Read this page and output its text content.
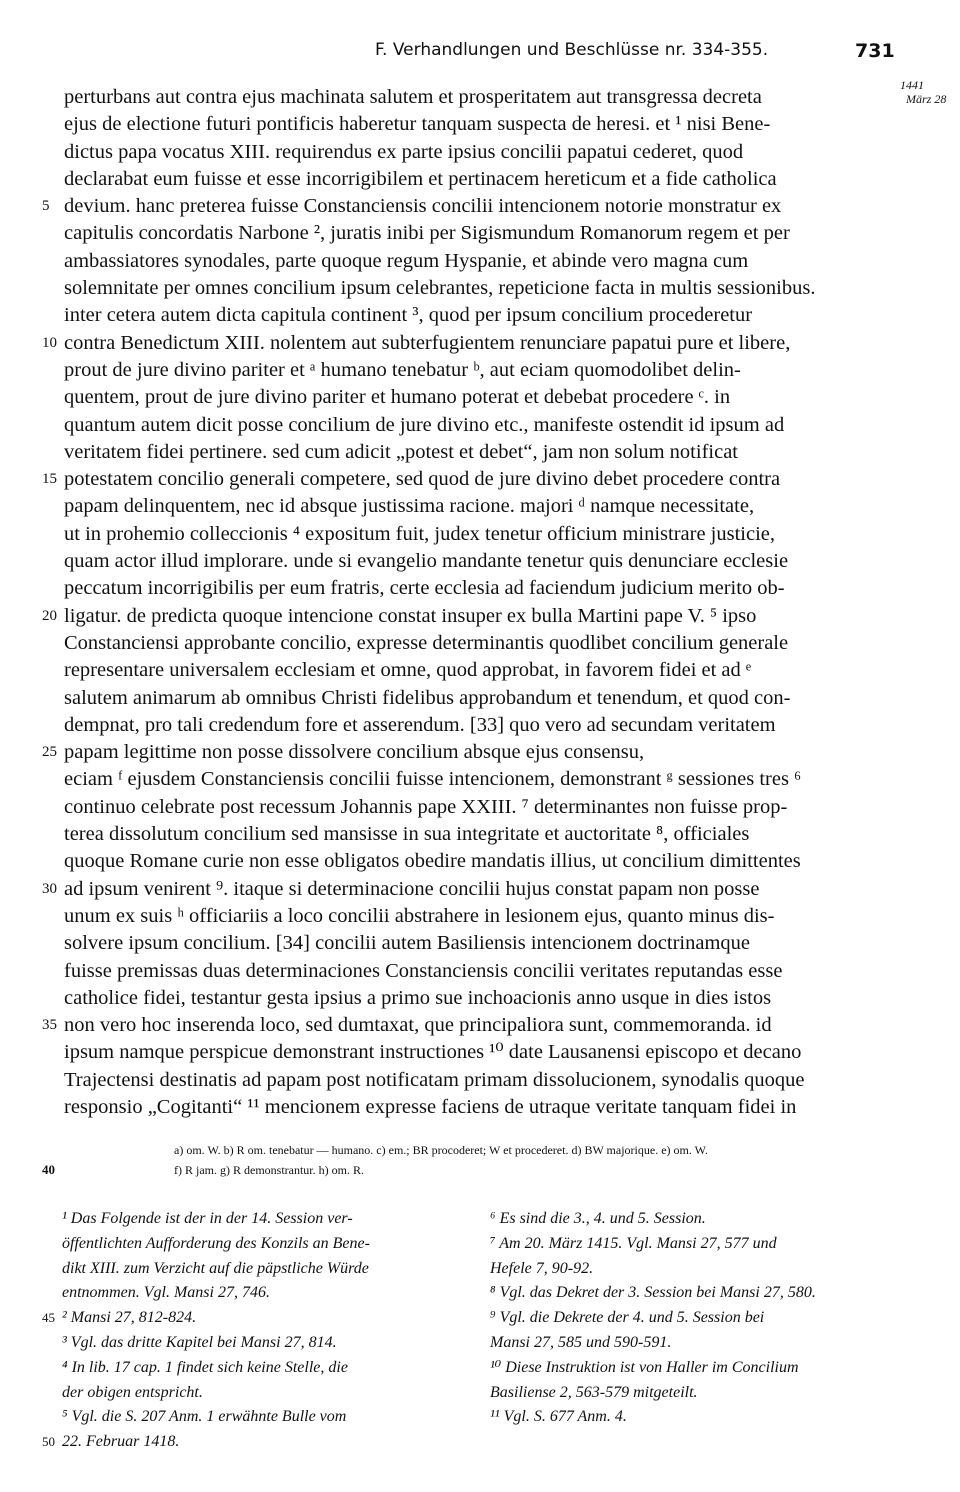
F. Verhandlungen und Beschlüsse nr. 334-355.	731
1441
März 28
perturbans aut contra ejus machinata salutem et prosperitatem aut transgressa decreta
ejus de electione futuri pontificis haberetur tanquam suspecta de heresi. et ¹ nisi Bene-
dictus papa vocatus XIII. requirendus ex parte ipsius concilii papatui cederet, quod
declarabat eum fuisse et esse incorrigibilem et pertinacem hereticum et a fide catholica
5 devium. hanc preterea fuisse Constanciensis concilii intencionem notorie monstratur ex
capitulis concordatis Narbone ², juratis inibi per Sigismundum Romanorum regem et per
ambassiatores synodales, parte quoque regum Hyspanie, et abinde vero magna cum
solemnitate per omnes concilium ipsum celebrantes, repeticione facta in multis sessionibus.
inter cetera autem dicta capitula continent ³, quod per ipsum concilium procederetur
10 contra Benedictum XIII. nolentem aut subterfugientem renunciare papatui pure et libere,
prout de jure divino pariter et ᵃ humano tenebatur ᵇ, aut eciam quomodolibet delin-
quentem, prout de jure divino pariter et humano poterat et debebat procedere ᶜ. in
quantum autem dicit posse concilium de jure divino etc., manifeste ostendit id ipsum ad
veritatem fidei pertinere. sed cum adicit „potest et debet“, jam non solum notificat
15 potestatem concilio generali competere, sed quod de jure divino debet procedere contra
papam delinquentem, nec id absque justissima racione. majori ᵈ namque necessitate,
ut in prohemio colleccionis ⁴ expositum fuit, judex tenetur officium ministrare justicie,
quam actor illud implorare. unde si evangelio mandante tenetur quis denunciare ecclesie
peccatum incorrigibilis per eum fratris, certe ecclesia ad faciendum judicium merito ob-
20 ligatur. de predicta quoque intencione constat insuper ex bulla Martini pape V. ⁵ ipso
Constanciensi approbante concilio, expresse determinantis quodlibet concilium generale
representare universalem ecclesiam et omne, quod approbat, in favorem fidei et ad ᵉ
salutem animarum ab omnibus Christi fidelibus approbandum et tenendum, et quod con-
dempnat, pro tali credendum fore et asserendum. [33] quo vero ad secundam veritatem
25 papam legittime non posse dissolvere concilium absque ejus consensu,
eciam ᶠ ejusdem Constanciensis concilii fuisse intencionem, demonstrant ᵍ sessiones tres ⁶
continuo celebrate post recessum Johannis pape XXIII. ⁷ determinantes non fuisse prop-
terea dissolutum concilium sed mansisse in sua integritate et auctoritate ⁸, officiales
quoque Romane curie non esse obligatos obedire mandatis illius, ut concilium dimittentes
30 ad ipsum venirent ⁹. itaque si determinacione concilii hujus constat papam non posse
unum ex suis ʰ officiariis a loco concilii abstrahere in lesionem ejus, quanto minus dis-
solvere ipsum concilium. [34] concilii autem Basiliensis intencionem doctrinamque
fuisse premissas duas determinaciones Constanciensis concilii veritates reputandas esse
catholice fidei, testantur gesta ipsius a primo sue inchoacionis anno usque in dies istos
35 non vero hoc inserenda loco, sed dumtaxat, que principaliora sunt, commemoranda. id
ipsum namque perspicue demonstrant instructiones ¹⁰ date Lausanensi episcopo et decano
Trajectensi destinatis ad papam post notificatam primam dissolucionem, synodalis quoque
responsio „Cogitanti“ ¹¹ mencionem expresse faciens de utraque veritate tanquam fidei in
a) om. W. b) R om. tenebatur — humano. c) em.; BR procoderet; W et procederet. d) BW majorique. e) om. W.
40	f) R jam. g) R demonstrantur. h) om. R.
¹ Das Folgende ist der in der 14. Session ver-
öffentlichten Aufforderung des Konzils an Bene-
dikt XIII. zum Verzicht auf die päpstliche Würde
entnommen. Vgl. Mansi 27, 746.
45 ² Mansi 27, 812-824.
³ Vgl. das dritte Kapitel bei Mansi 27, 814.
⁴ In lib. 17 cap. 1 findet sich keine Stelle, die
der obigen entspricht.
⁵ Vgl. die S. 207 Anm. 1 erwähnte Bulle vom
50 22. Februar 1418.
⁶ Es sind die 3., 4. und 5. Session.
⁷ Am 20. März 1415. Vgl. Mansi 27, 577 und
Hefele 7, 90-92.
⁸ Vgl. das Dekret der 3. Session bei Mansi 27, 580.
⁹ Vgl. die Dekrete der 4. und 5. Session bei
Mansi 27, 585 und 590-591.
¹⁰ Diese Instruktion ist von Haller im Concilium
Basiliense 2, 563-579 mitgeteilt.
¹¹ Vgl. S. 677 Anm. 4.
